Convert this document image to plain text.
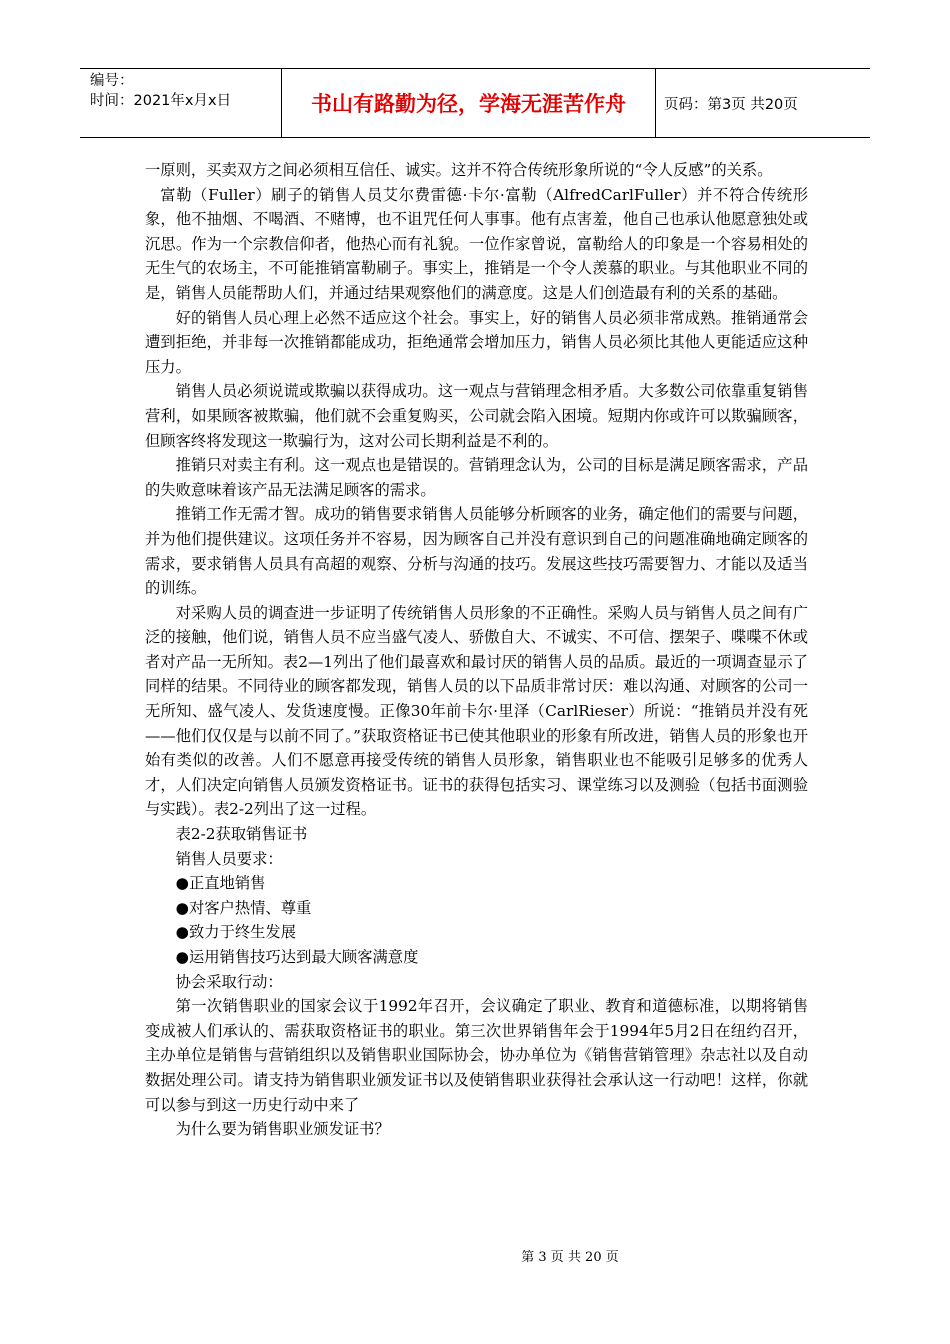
编号：
时间：2021年x月x日	书山有路勤为径，学海无涯苦作舟	页码：第3页 共20页

一原则，买卖双方之间必须相互信任、诚实。这并不符合传统形象所说的“令人反感”的关系。

富勒（Fuller）刷子的销售人员艾尔费雷德·卡尔·富勒（AlfredCarlFuller）并不符合传统形象，他不抽烟、不喝酒、不赌博，也不诅咒任何人事事。他有点害羞，他自己也承认他愿意独处或沉思。作为一个宗教信仰者，他热心而有礼貌。一位作家曾说，富勒给人的印象是一个容易相处的无生气的农场主，不可能推销富勒刷子。事实上，推销是一个令人羡慕的职业。与其他职业不同的是，销售人员能帮助人们，并通过结果观察他们的满意度。这是人们创造最有利的关系的基础。

好的销售人员心理上必然不适应这个社会。事实上，好的销售人员必须非常成熟。推销通常会遭到拒绝，并非每一次推销都能成功，拒绝通常会增加压力，销售人员必须比其他人更能适应这种压力。

销售人员必须说谎或欺骗以获得成功。这一观点与营销理念相矛盾。大多数公司依靠重复销售营利，如果顾客被欺骗，他们就不会重复购买，公司就会陷入困境。短期内你或许可以欺骗顾客，但顾客终将发现这一欺骗行为，这对公司长期利益是不利的。

推销只对卖主有利。这一观点也是错误的。营销理念认为，公司的目标是满足顾客需求，产品的失败意味着该产品无法满足顾客的需求。

推销工作无需才智。成功的销售要求销售人员能够分析顾客的业务，确定他们的需要与问题，并为他们提供建议。这项任务并不容易，因为顾客自己并没有意识到自己的问题准确地确定顾客的需求，要求销售人员具有高超的观察、分析与沟通的技巧。发展这些技巧需要智力、才能以及适当的训练。

对采购人员的调查进一步证明了传统销售人员形象的不正确性。采购人员与销售人员之间有广泛的接触，他们说，销售人员不应当盛气凌人、骄傲自大、不诚实、不可信、摆架子、喋喋不休或者对产品一无所知。表2—1列出了他们最喜欢和最讨厌的销售人员的品质。最近的一项调查显示了同样的结果。不同待业的顾客都发现，销售人员的以下品质非常讨厌：难以沟通、对顾客的公司一无所知、盛气凌人、发货速度慢。正像30年前卡尔·里泽（CarlRieser）所说：“推销员并没有死——他们仅仅是与以前不同了。”获取资格证书已使其他职业的形象有所改进，销售人员的形象也开始有类似的改善。人们不愿意再接受传统的销售人员形象，销售职业也不能吸引足够多的优秀人才，人们决定向销售人员颁发资格证书。证书的获得包括实习、课堂练习以及测验（包括书面测验与实践）。表2-2列出了这一过程。

表2-2获取销售证书

销售人员要求：

●正直地销售

●对客户热情、尊重

●致力于终生发展

●运用销售技巧达到最大顾客满意度

协会采取行动：

第一次销售职业的国家会议于1992年召开，会议确定了职业、教育和道德标准，以期将销售变成被人们承认的、需获取资格证书的职业。第三次世界销售年会于1994年5月2日在纽约召开，主办单位是销售与营销组织以及销售职业国际协会，协办单位为《销售营销管理》杂志社以及自动数据处理公司。请支持为销售职业颁发证书以及使销售职业获得社会承认这一行动吧！这样，你就可以参与到这一历史行动中来了

为什么要为销售职业颁发证书？

第 3 页 共 20 页
